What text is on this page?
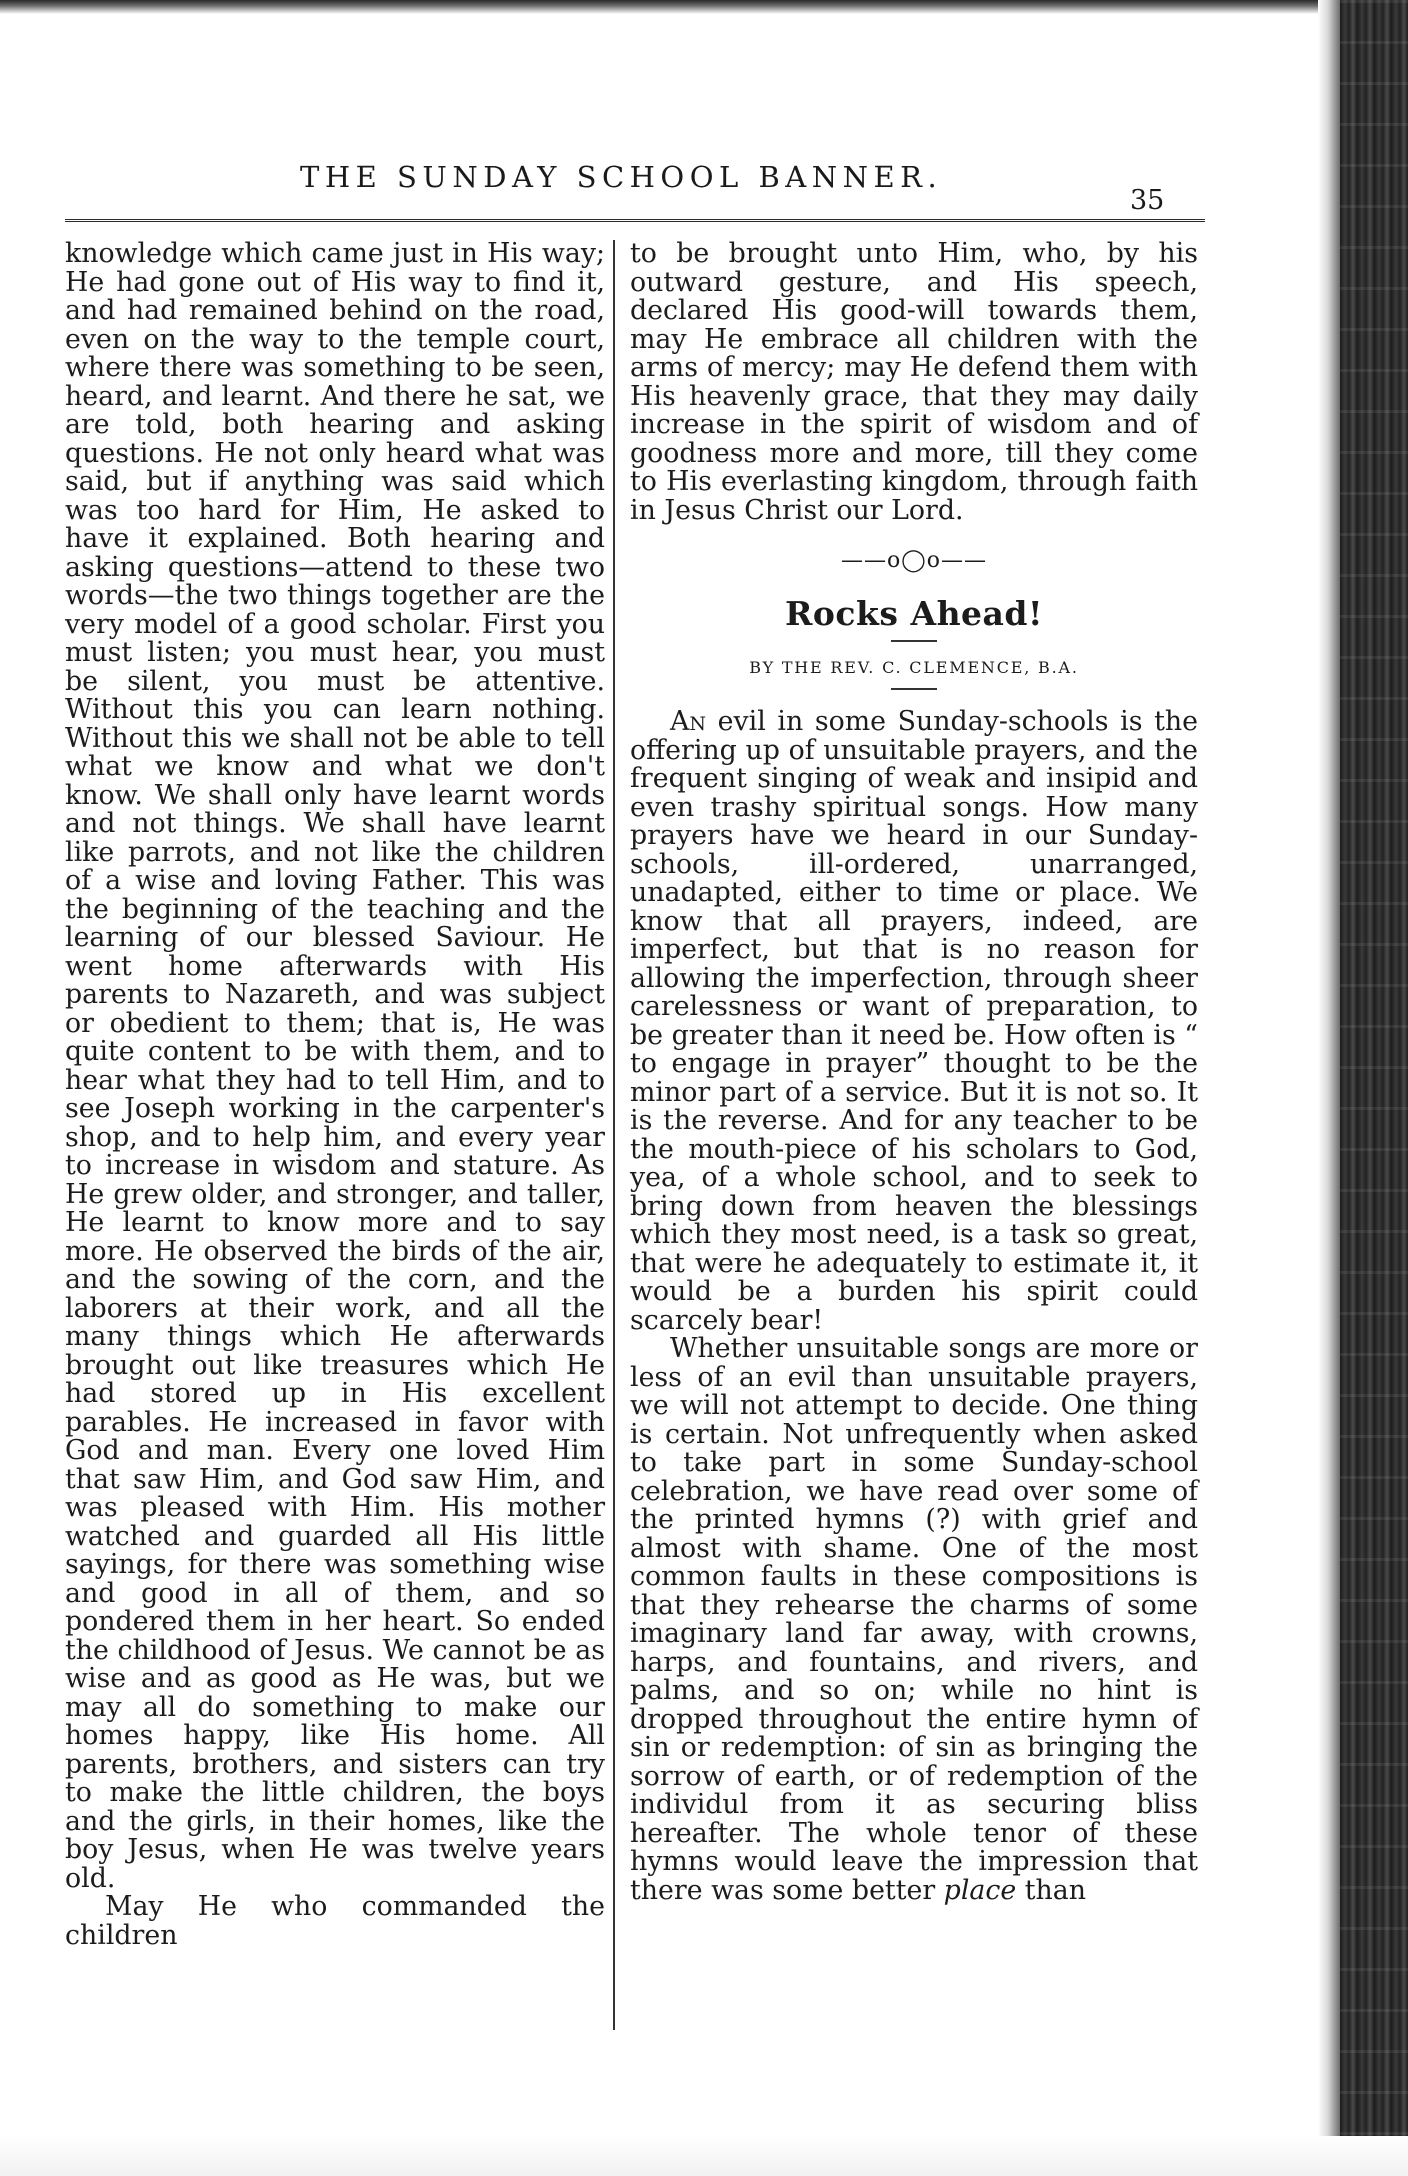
THE SUNDAY SCHOOL BANNER.
35

knowledge which came just in His way; He had gone out of His way to find it, and had remained behind on the road, even on the way to the temple court, where there was something to be seen, heard, and learnt. And there he sat, we are told, both hearing and asking questions. He not only heard what was said, but if anything was said which was too hard for Him, He asked to have it explained. Both hearing and asking questions—attend to these two words—the two things together are the very model of a good scholar. First you must listen; you must hear, you must be silent, you must be attentive. Without this you can learn nothing. Without this we shall not be able to tell what we know and what we don't know. We shall only have learnt words and not things. We shall have learnt like parrots, and not like the children of a wise and loving Father. This was the beginning of the teaching and the learning of our blessed Saviour. He went home afterwards with His parents to Nazareth, and was subject or obedient to them; that is, He was quite content to be with them, and to hear what they had to tell Him, and to see Joseph working in the carpenter's shop, and to help him, and every year to increase in wisdom and stature. As He grew older, and stronger, and taller, He learnt to know more and to say more. He observed the birds of the air, and the sowing of the corn, and the laborers at their work, and all the many things which He afterwards brought out like treasures which He had stored up in His excellent parables. He increased in favor with God and man. Every one loved Him that saw Him, and God saw Him, and was pleased with Him. His mother watched and guarded all His little sayings, for there was something wise and good in all of them, and so pondered them in her heart. So ended the childhood of Jesus. We cannot be as wise and as good as He was, but we may all do something to make our homes happy, like His home. All parents, brothers, and sisters can try to make the little children, the boys and the girls, in their homes, like the boy Jesus, when He was twelve years old.

May He who commanded the children

to be brought unto Him, who, by his outward gesture, and His speech, declared His good-will towards them, may He embrace all children with the arms of mercy; may He defend them with His heavenly grace, that they may daily increase in the spirit of wisdom and of goodness more and more, till they come to His everlasting kingdom, through faith in Jesus Christ our Lord.

——o◯o——

Rocks Ahead!

BY THE REV. C. CLEMENCE, B.A.

An evil in some Sunday-schools is the offering up of unsuitable prayers, and the frequent singing of weak and insipid and even trashy spiritual songs. How many prayers have we heard in our Sunday-schools, ill-ordered, unarranged, unadapted, either to time or place. We know that all prayers, indeed, are imperfect, but that is no reason for allowing the imperfection, through sheer carelessness or want of preparation, to be greater than it need be. How often is “ to engage in prayer” thought to be the minor part of a service. But it is not so. It is the reverse. And for any teacher to be the mouth-piece of his scholars to God, yea, of a whole school, and to seek to bring down from heaven the blessings which they most need, is a task so great, that were he adequately to estimate it, it would be a burden his spirit could scarcely bear!

Whether unsuitable songs are more or less of an evil than unsuitable prayers, we will not attempt to decide. One thing is certain. Not unfrequently when asked to take part in some Sunday-school celebration, we have read over some of the printed hymns (?) with grief and almost with shame. One of the most common faults in these compositions is that they rehearse the charms of some imaginary land far away, with crowns, harps, and fountains, and rivers, and palms, and so on; while no hint is dropped throughout the entire hymn of sin or redemption: of sin as bringing the sorrow of earth, or of redemption of the individul from it as securing bliss hereafter. The whole tenor of these hymns would leave the impression that there was some better place than
